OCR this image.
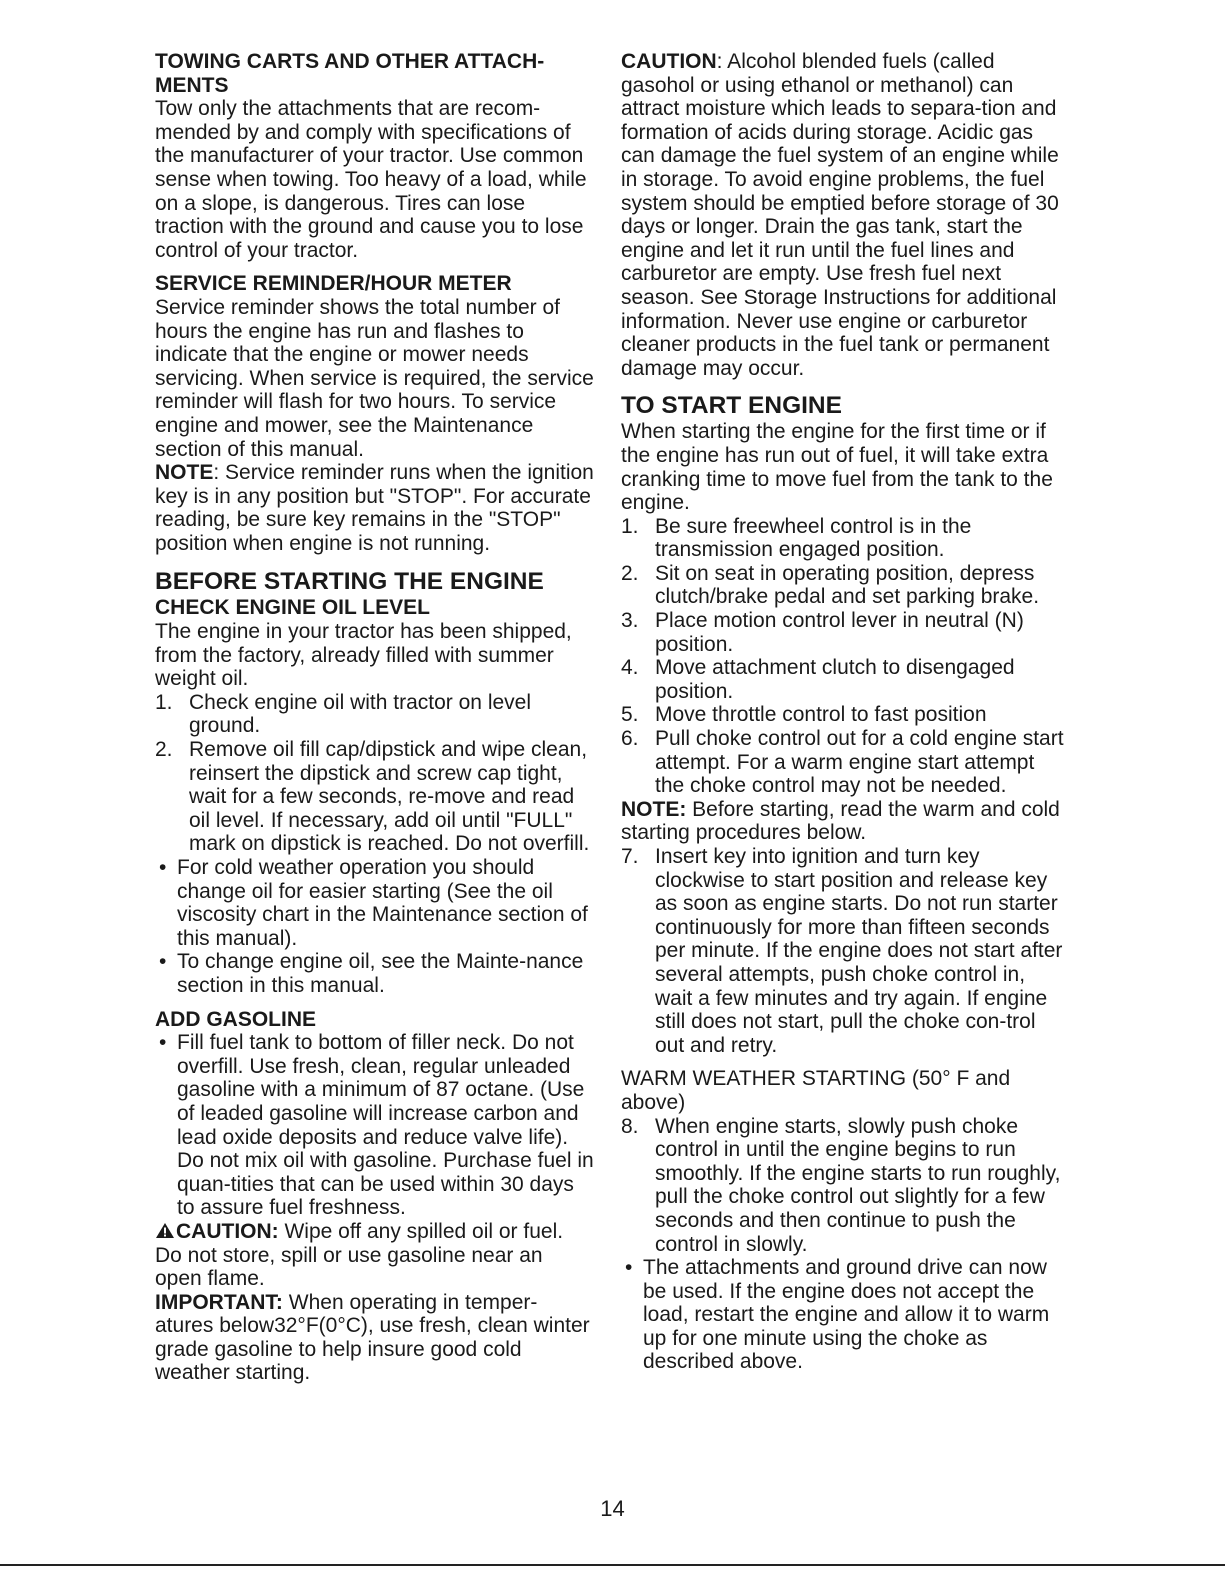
TOWING CARTS AND OTHER ATTACH-MENTS

Tow only the attachments that are recom-mended by and comply with specifications of the manufacturer of your tractor. Use common sense when towing. Too heavy of a load, while on a slope, is dangerous. Tires can lose traction with the ground and cause you to lose control of your tractor.

SERVICE REMINDER/HOUR METER

Service reminder shows the total number of hours the engine has run and flashes to indicate that the engine or mower needs servicing. When service is required, the service reminder will flash for two hours. To service engine and mower, see the Maintenance section of this manual.

NOTE: Service reminder runs when the ignition key is in any position but "STOP". For accurate reading, be sure key remains in the "STOP" position when engine is not running.

BEFORE STARTING THE ENGINE
CHECK ENGINE OIL LEVEL

The engine in your tractor has been shipped, from the factory, already filled with summer weight oil.

1. Check engine oil with tractor on level ground.
2. Remove oil fill cap/dipstick and wipe clean, reinsert the dipstick and screw cap tight, wait for a few seconds, re-move and read oil level. If necessary, add oil until "FULL" mark on dipstick is reached. Do not overfill.
• For cold weather operation you should change oil for easier starting (See the oil viscosity chart in the Maintenance section of this manual).
• To change engine oil, see the Mainte-nance section in this manual.
ADD GASOLINE
• Fill fuel tank to bottom of filler neck. Do not overfill. Use fresh, clean, regular unleaded gasoline with a minimum of 87 octane. (Use of leaded gasoline will increase carbon and lead oxide deposits and reduce valve life). Do not mix oil with gasoline. Purchase fuel in quan-tities that can be used within 30 days to assure fuel freshness.

CAUTION: Wipe off any spilled oil or fuel. Do not store, spill or use gasoline near an open flame.

IMPORTANT: When operating in temper-atures below32°F(0°C), use fresh, clean winter grade gasoline to help insure good cold weather starting.

CAUTION: Alcohol blended fuels (called gasohol or using ethanol or methanol) can attract moisture which leads to separa-tion and formation of acids during storage. Acidic gas can damage the fuel system of an engine while in storage. To avoid engine problems, the fuel system should be emptied before storage of 30 days or longer. Drain the gas tank, start the engine and let it run until the fuel lines and carburetor are empty. Use fresh fuel next season. See Storage Instructions for additional information. Never use engine or carburetor cleaner products in the fuel tank or permanent damage may occur.

TO START ENGINE

When starting the engine for the first time or if the engine has run out of fuel, it will take extra cranking time to move fuel from the tank to the engine.

1. Be sure freewheel control is in the transmission engaged position.
2. Sit on seat in operating position, depress clutch/brake pedal and set parking brake.
3. Place motion control lever in neutral (N) position.
4. Move attachment clutch to disengaged position.
5. Move throttle control to fast position
6. Pull choke control out for a cold engine start attempt. For a warm engine start attempt the choke control may not be needed.

NOTE: Before starting, read the warm and cold starting procedures below.

7. Insert key into ignition and turn key clockwise to start position and release key as soon as engine starts. Do not run starter continuously for more than fifteen seconds per minute. If the engine does not start after several attempts, push choke control in, wait a few minutes and try again. If engine still does not start, pull the choke con-trol out and retry.

WARM WEATHER STARTING (50° F and above)

8. When engine starts, slowly push choke control in until the engine begins to run smoothly. If the engine starts to run roughly, pull the choke control out slightly for a few seconds and then continue to push the control in slowly.
• The attachments and ground drive can now be used. If the engine does not accept the load, restart the engine and allow it to warm up for one minute using the choke as described above.
14
